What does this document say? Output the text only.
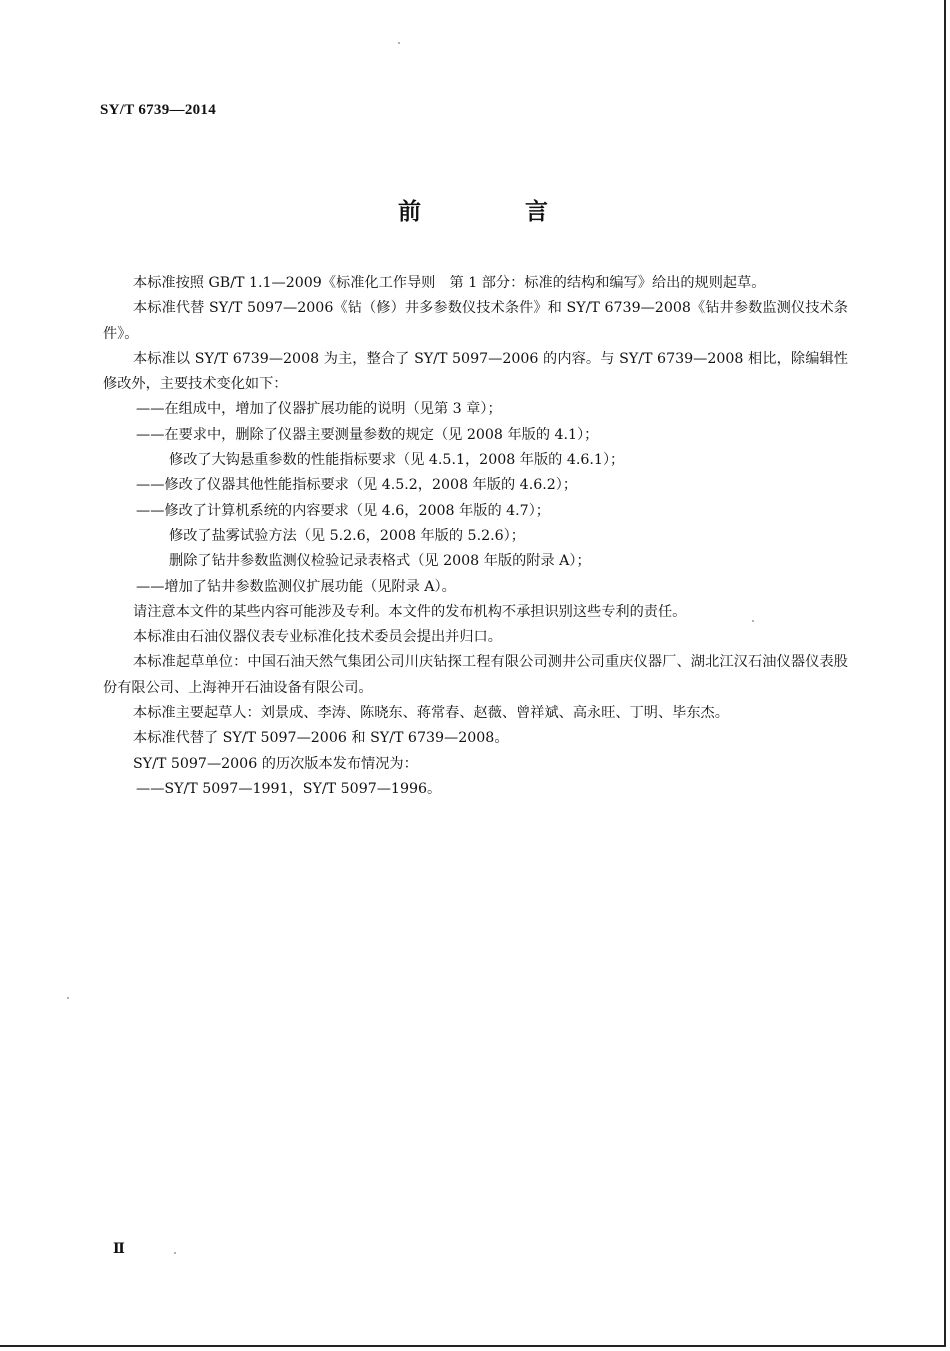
SY/T 6739—2014
前 言

本标准按照 GB/T 1.1—2009《标准化工作导则　第 1 部分：标准的结构和编写》给出的规则起草。

本标准代替 SY/T 5097—2006《钻（修）井多参数仪技术条件》和 SY/T 6739—2008《钻井参数监测仪技术条件》。

本标准以 SY/T 6739—2008 为主，整合了 SY/T 5097—2006 的内容。与 SY/T 6739—2008 相比，除编辑性修改外，主要技术变化如下：

——在组成中，增加了仪器扩展功能的说明（见第 3 章）；

——在要求中，删除了仪器主要测量参数的规定（见 2008 年版的 4.1）；

修改了大钩悬重参数的性能指标要求（见 4.5.1，2008 年版的 4.6.1）；

——修改了仪器其他性能指标要求（见 4.5.2，2008 年版的 4.6.2）；

——修改了计算机系统的内容要求（见 4.6，2008 年版的 4.7）；

修改了盐雾试验方法（见 5.2.6，2008 年版的 5.2.6）；

删除了钻井参数监测仪检验记录表格式（见 2008 年版的附录 A）；

——增加了钻井参数监测仪扩展功能（见附录 A）。

请注意本文件的某些内容可能涉及专利。本文件的发布机构不承担识别这些专利的责任。

本标准由石油仪器仪表专业标准化技术委员会提出并归口。

本标准起草单位：中国石油天然气集团公司川庆钻探工程有限公司测井公司重庆仪器厂、湖北江汉石油仪器仪表股份有限公司、上海神开石油设备有限公司。

本标准主要起草人：刘景成、李涛、陈晓东、蒋常春、赵薇、曾祥斌、高永旺、丁明、毕东杰。

本标准代替了 SY/T 5097—2006 和 SY/T 6739—2008。

SY/T 5097—2006 的历次版本发布情况为：

——SY/T 5097—1991，SY/T 5097—1996。

Ⅱ
